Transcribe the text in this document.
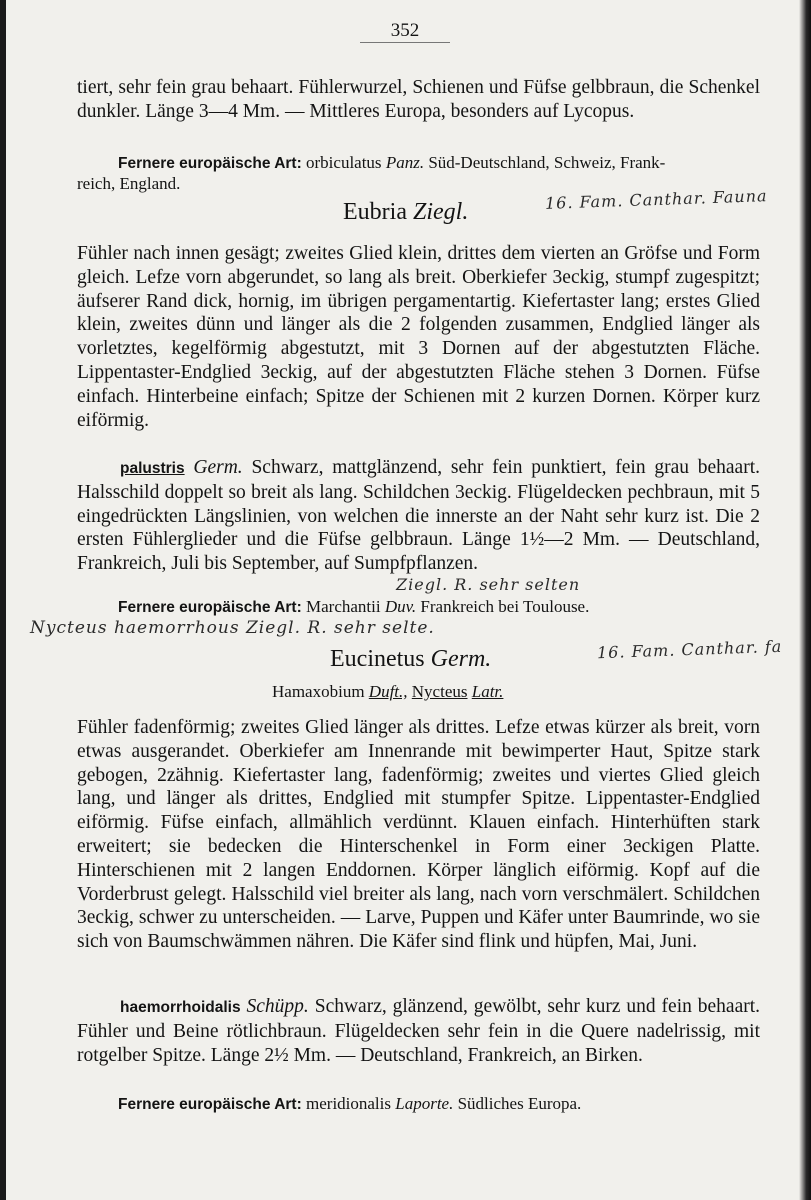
352

tiert, sehr fein grau behaart. Fühlerwurzel, Schienen und Füfse gelbbraun, die Schenkel dunkler. Länge 3—4 Mm. — Mittleres Europa, besonders auf Lycopus.

Fernere europäische Art: orbiculatus Panz. Süd-Deutschland, Schweiz, Frank-
reich, England.
Eubria Ziegl.	16. Fam. Canthar. Fauna

Fühler nach innen gesägt; zweites Glied klein, drittes dem vierten an Gröfse und Form gleich. Lefze vorn abgerundet, so lang als breit. Oberkiefer 3eckig, stumpf zugespitzt; äufserer Rand dick, hornig, im übrigen pergamentartig. Kiefertaster lang; erstes Glied klein, zweites dünn und länger als die 2 folgenden zusammen, Endglied länger als vorletztes, kegelförmig abgestutzt, mit 3 Dornen auf der abgestutzten Fläche. Lippentaster-Endglied 3eckig, auf der abgestutzten Fläche stehen 3 Dornen. Füfse einfach. Hinterbeine einfach; Spitze der Schienen mit 2 kurzen Dornen. Körper kurz eiförmig.

palustris Germ. Schwarz, mattglänzend, sehr fein punktiert, fein grau behaart. Halsschild doppelt so breit als lang. Schildchen 3eckig. Flügeldecken pechbraun, mit 5 eingedrückten Längslinien, von welchen die innerste an der Naht sehr kurz ist. Die 2 ersten Fühlerglieder und die Füfse gelbbraun. Länge 1½—2 Mm. — Deutschland, Frankreich, Juli bis September, auf Sumpfpflanzen.

Ziegl. R. sehr selten
Fernere europäische Art: Marchantii Duv. Frankreich bei Toulouse.
Nycteus haemorrhous Ziegl. R. sehr selte.
Eucinetus Germ.	16. Fam. Canthar. fa
Hamaxobium Duft., Nycteus Latr.

Fühler fadenförmig; zweites Glied länger als drittes. Lefze etwas kürzer als breit, vorn etwas ausgerandet. Oberkiefer am Innenrande mit bewimperter Haut, Spitze stark gebogen, 2zähnig. Kiefertaster lang, fadenförmig; zweites und viertes Glied gleich lang, und länger als drittes, Endglied mit stumpfer Spitze. Lippentaster-Endglied eiförmig. Füfse einfach, allmählich verdünnt. Klauen einfach. Hinterhüften stark erweitert; sie bedecken die Hinterschenkel in Form einer 3eckigen Platte. Hinterschienen mit 2 langen Enddornen. Körper länglich eiförmig. Kopf auf die Vorderbrust gelegt. Halsschild viel breiter als lang, nach vorn verschmälert. Schildchen 3eckig, schwer zu unterscheiden. — Larve, Puppen und Käfer unter Baumrinde, wo sie sich von Baumschwämmen nähren. Die Käfer sind flink und hüpfen, Mai, Juni.

haemorrhoidalis Schüpp. Schwarz, glänzend, gewölbt, sehr kurz und fein behaart. Fühler und Beine rötlichbraun. Flügeldecken sehr fein in die Quere nadelrissig, mit rotgelber Spitze. Länge 2½ Mm. — Deutschland, Frankreich, an Birken.

Fernere europäische Art: meridionalis Laporte. Südliches Europa.
